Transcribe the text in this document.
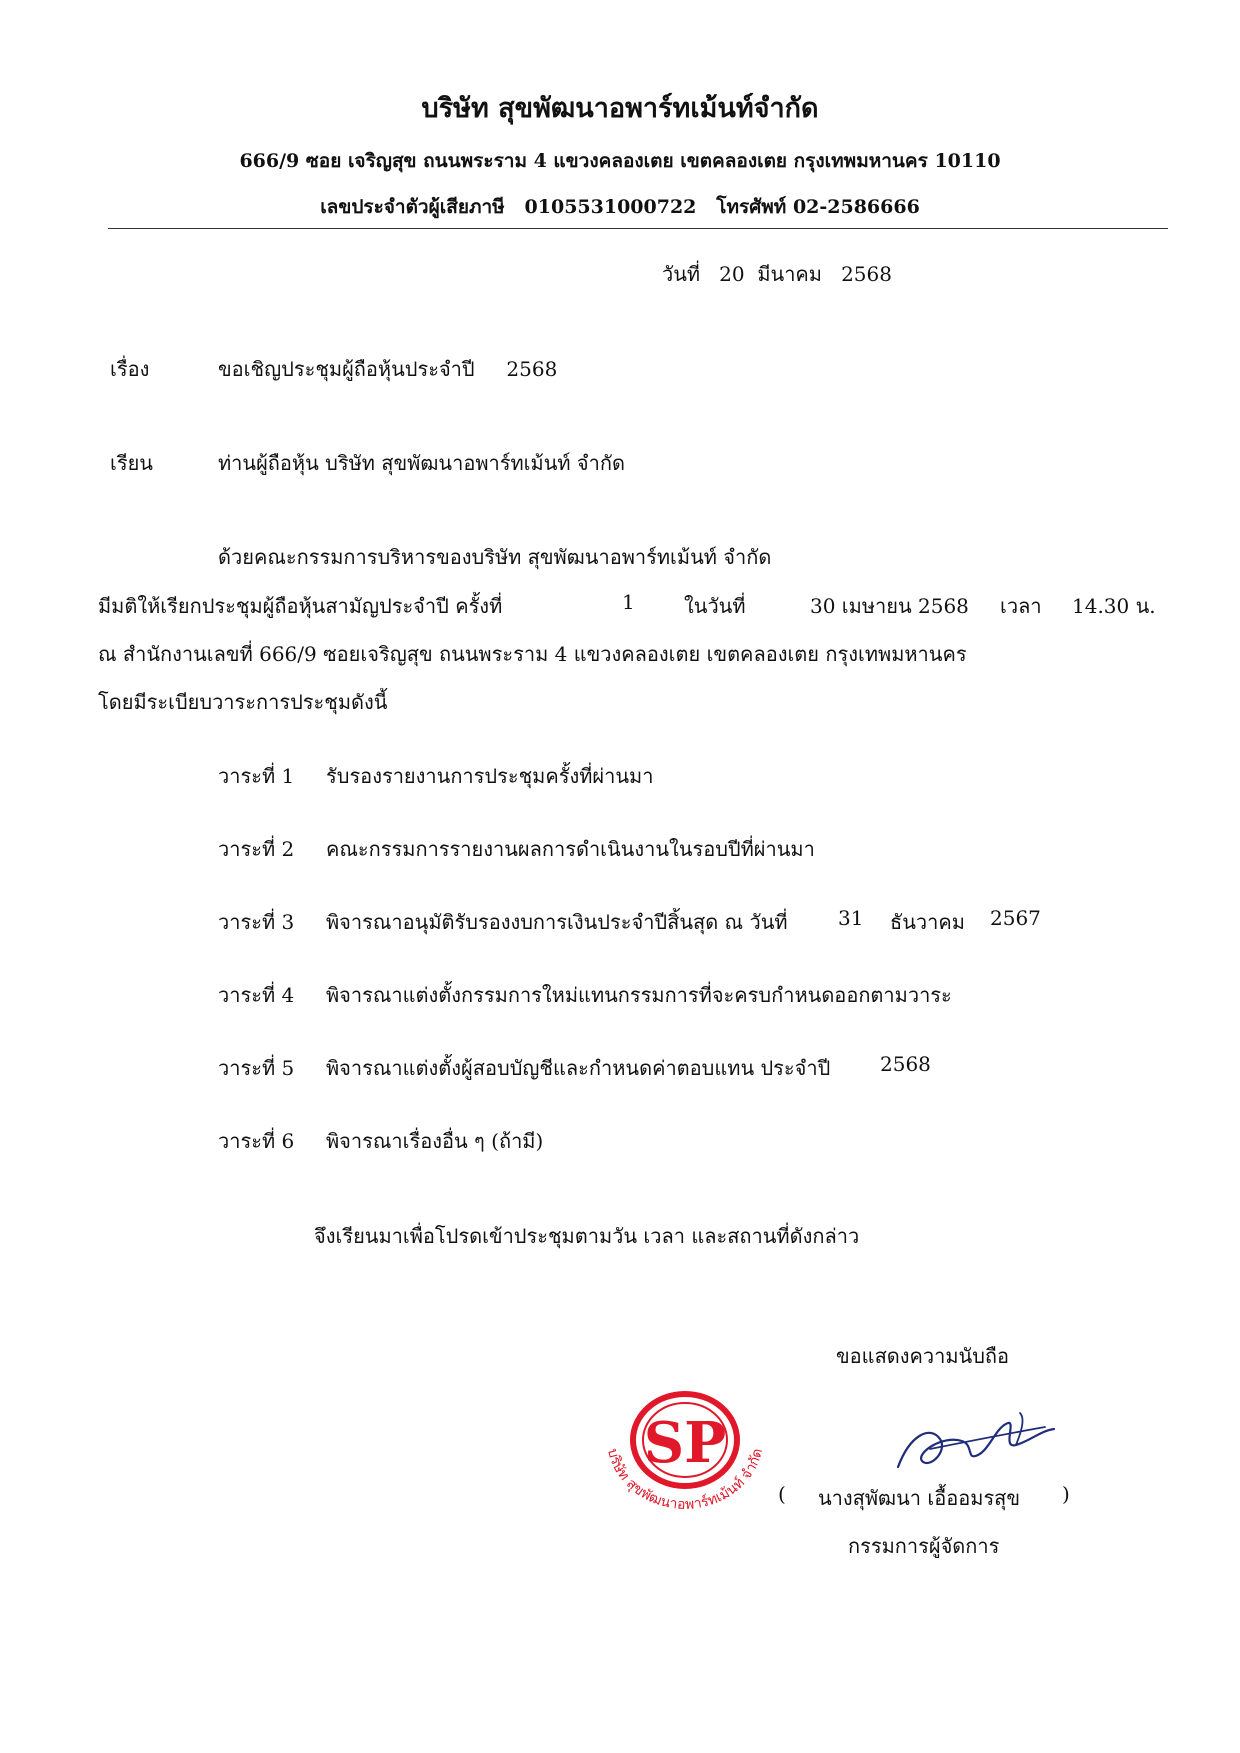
บริษัท สุขพัฒนาอพาร์ทเม้นท์จำกัด
666/9 ซอย เจริญสุข ถนนพระราม 4 แขวงคลองเตย เขตคลองเตย กรุงเทพมหานคร 10110
เลขประจำตัวผู้เสียภาษี 0105531000722 โทรศัพท์ 02-2586666
วันที่ 20 มีนาคม 2568
เรื่อง	ขอเชิญประชุมผู้ถือหุ้นประจำปี 2568
เรียน	ท่านผู้ถือหุ้น บริษัท สุขพัฒนาอพาร์ทเม้นท์ จำกัด
ด้วยคณะกรรมการบริหารของบริษัท สุขพัฒนาอพาร์ทเม้นท์ จำกัด
มีมติให้เรียกประชุมผู้ถือหุ้นสามัญประจำปี ครั้งที่	1 ในวันที่	30 เมษายน 2568 เวลา 14.30 น.
ณ สำนักงานเลขที่ 666/9 ซอยเจริญสุข ถนนพระราม 4 แขวงคลองเตย เขตคลองเตย กรุงเทพมหานคร
โดยมีระเบียบวาระการประชุมดังนี้
วาระที่ 1 รับรองรายงานการประชุมครั้งที่ผ่านมา
วาระที่ 2 คณะกรรมการรายงานผลการดำเนินงานในรอบปีที่ผ่านมา
วาระที่ 3 พิจารณาอนุมัติรับรองงบการเงินประจำปีสิ้นสุด ณ วันที่	31 ธันวาคม 2567
วาระที่ 4 พิจารณาแต่งตั้งกรรมการใหม่แทนกรรมการที่จะครบกำหนดออกตามวาระ
วาระที่ 5 พิจารณาแต่งตั้งผู้สอบบัญชีและกำหนดค่าตอบแทน ประจำปี 2568
วาระที่ 6 พิจารณาเรื่องอื่น ๆ (ถ้ามี)
จึงเรียนมาเพื่อโปรดเข้าประชุมตามวัน เวลา และสถานที่ดังกล่าว
ขอแสดงความนับถือ
SP
บริษัท สุขพัฒนาอพาร์ทเม้นท์ จำกัด
( นางสุพัฒนา เอื้ออมรสุข )
กรรมการผู้จัดการ
